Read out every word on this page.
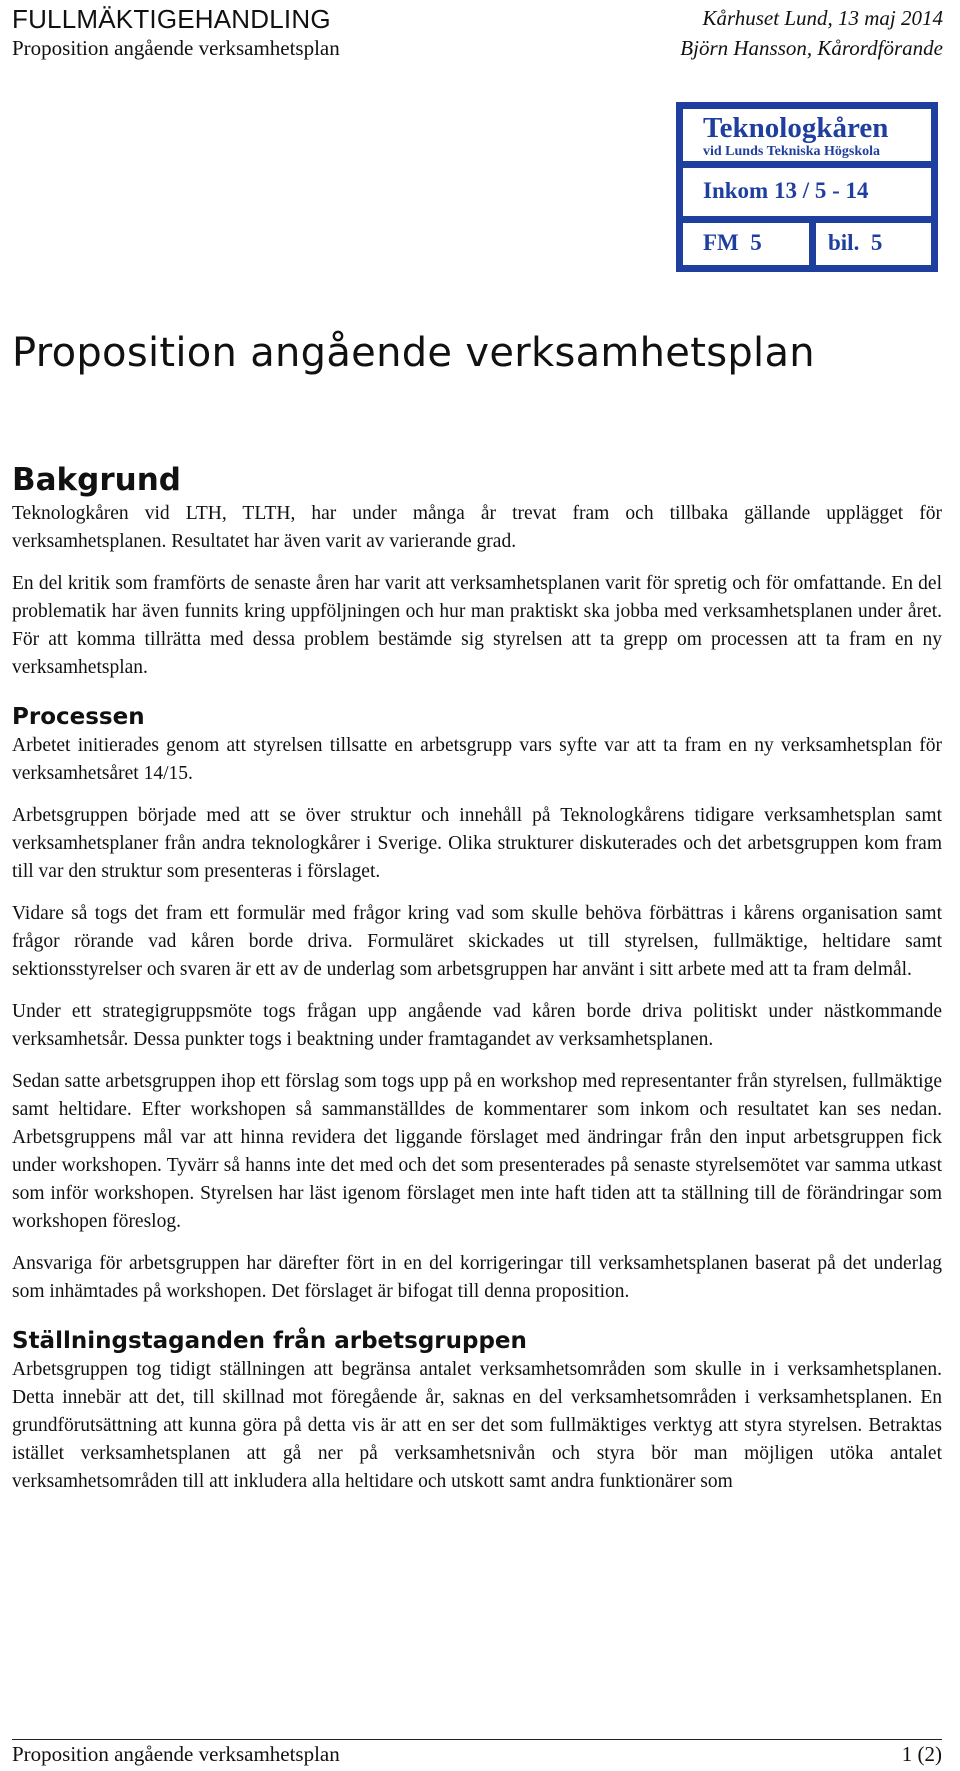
FULLMÄKTIGEHANDLING
Proposition angående verksamhetsplan
Kårhuset Lund, 13 maj 2014
Björn Hansson, Kårordförande
Teknologkåren
vid Lunds Tekniska Högskola
Inkom 13 / 5 - 14
FM  5	bil.  5
Proposition angående verksamhetsplan
Bakgrund

Teknologkåren vid LTH, TLTH, har under många år trevat fram och tillbaka gällande upplägget för verksamhetsplanen. Resultatet har även varit av varierande grad.

En del kritik som framförts de senaste åren har varit att verksamhetsplanen varit för spretig och för omfattande. En del problematik har även funnits kring uppföljningen och hur man praktiskt ska jobba med verksamhetsplanen under året. För att komma tillrätta med dessa problem bestämde sig styrelsen att ta grepp om processen att ta fram en ny verksamhetsplan.

Processen

Arbetet initierades genom att styrelsen tillsatte en arbetsgrupp vars syfte var att ta fram en ny verksamhetsplan för verksamhetsåret 14/15.

Arbetsgruppen började med att se över struktur och innehåll på Teknologkårens tidigare verksamhetsplan samt verksamhetsplaner från andra teknologkårer i Sverige. Olika strukturer diskuterades och det arbetsgruppen kom fram till var den struktur som presenteras i förslaget.

Vidare så togs det fram ett formulär med frågor kring vad som skulle behöva förbättras i kårens organisation samt frågor rörande vad kåren borde driva. Formuläret skickades ut till styrelsen, fullmäktige, heltidare samt sektionsstyrelser och svaren är ett av de underlag som arbetsgruppen har använt i sitt arbete med att ta fram delmål.

Under ett strategigruppsmöte togs frågan upp angående vad kåren borde driva politiskt under nästkommande verksamhetsår. Dessa punkter togs i beaktning under framtagandet av verksamhetsplanen.

Sedan satte arbetsgruppen ihop ett förslag som togs upp på en workshop med representanter från styrelsen, fullmäktige samt heltidare. Efter workshopen så sammanställdes de kommentarer som inkom och resultatet kan ses nedan. Arbetsgruppens mål var att hinna revidera det liggande förslaget med ändringar från den input arbetsgruppen fick under workshopen. Tyvärr så hanns inte det med och det som presenterades på senaste styrelsemötet var samma utkast som inför workshopen. Styrelsen har läst igenom förslaget men inte haft tiden att ta ställning till de förändringar som workshopen föreslog.

Ansvariga för arbetsgruppen har därefter fört in en del korrigeringar till verksamhetsplanen baserat på det underlag som inhämtades på workshopen. Det förslaget är bifogat till denna proposition.

Ställningstaganden från arbetsgruppen

Arbetsgruppen tog tidigt ställningen att begränsa antalet verksamhetsområden som skulle in i verksamhetsplanen. Detta innebär att det, till skillnad mot föregående år, saknas en del verksamhetsområden i verksamhetsplanen. En grundförutsättning att kunna göra på detta vis är att en ser det som fullmäktiges verktyg att styra styrelsen. Betraktas istället verksamhetsplanen att gå ner på verksamhetsnivån och styra bör man möjligen utöka antalet verksamhetsområden till att inkludera alla heltidare och utskott samt andra funktionärer som

Proposition angående verksamhetsplan	1 (2)
